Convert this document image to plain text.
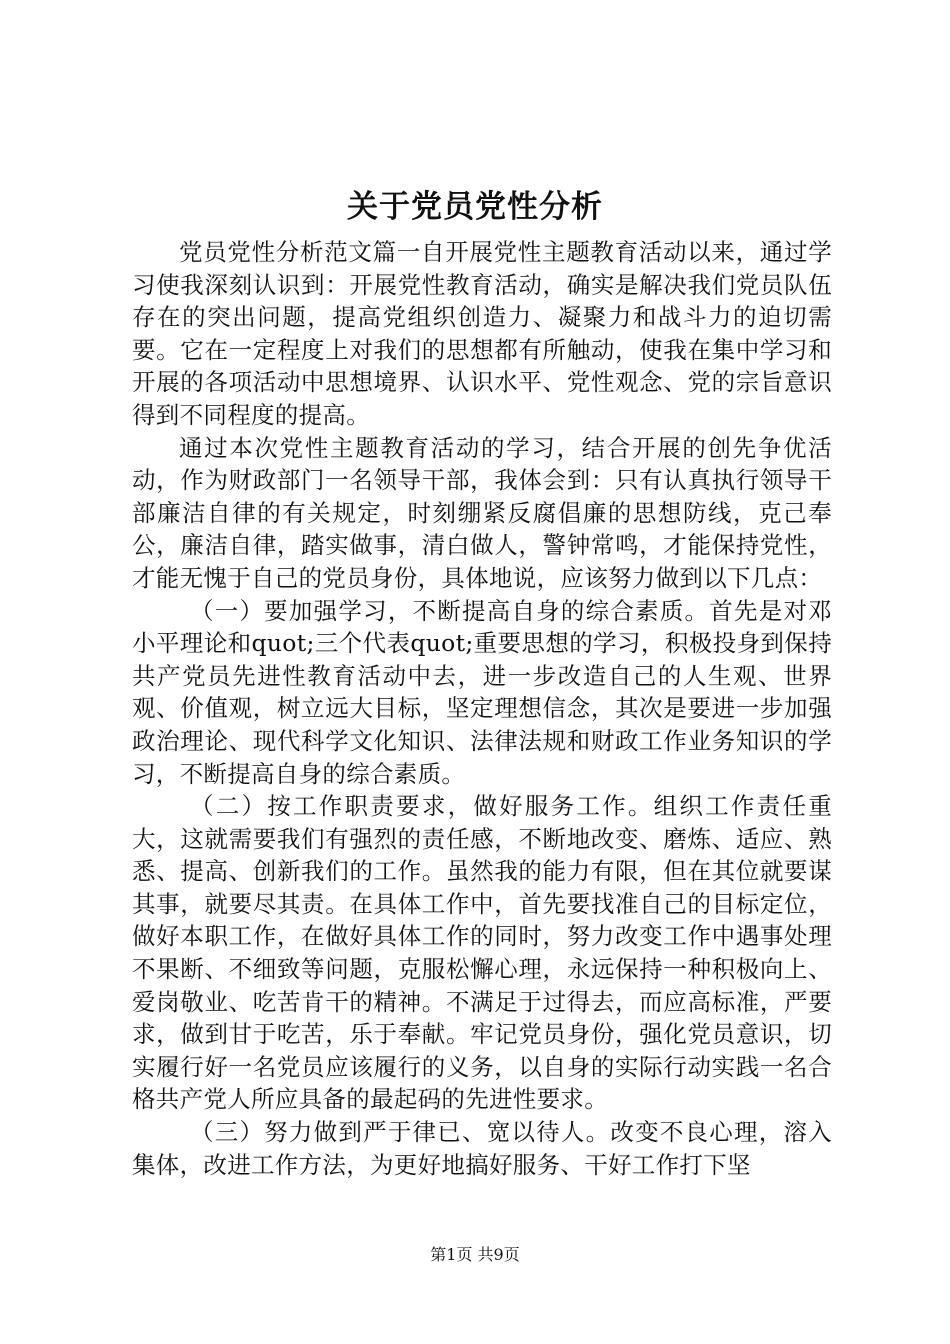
关于党员党性分析

党员党性分析范文篇一自开展党性主题教育活动以来，通过学习使我深刻认识到：开展党性教育活动，确实是解决我们党员队伍存在的突出问题，提高党组织创造力、凝聚力和战斗力的迫切需要。它在一定程度上对我们的思想都有所触动，使我在集中学习和开展的各项活动中思想境界、认识水平、党性观念、党的宗旨意识得到不同程度的提高。

通过本次党性主题教育活动的学习，结合开展的创先争优活动，作为财政部门一名领导干部，我体会到：只有认真执行领导干部廉洁自律的有关规定，时刻绷紧反腐倡廉的思想防线，克己奉公，廉洁自律，踏实做事，清白做人，警钟常鸣，才能保持党性，才能无愧于自己的党员身份，具体地说，应该努力做到以下几点：

（一）要加强学习，不断提高自身的综合素质。首先是对邓小平理论和quot;三个代表quot;重要思想的学习，积极投身到保持共产党员先进性教育活动中去，进一步改造自己的人生观、世界观、价值观，树立远大目标，坚定理想信念，其次是要进一步加强政治理论、现代科学文化知识、法律法规和财政工作业务知识的学习，不断提高自身的综合素质。

（二）按工作职责要求，做好服务工作。组织工作责任重大，这就需要我们有强烈的责任感，不断地改变、磨炼、适应、熟悉、提高、创新我们的工作。虽然我的能力有限，但在其位就要谋其事，就要尽其责。在具体工作中，首先要找准自己的目标定位，做好本职工作，在做好具体工作的同时，努力改变工作中遇事处理不果断、不细致等问题，克服松懈心理，永远保持一种积极向上、爱岗敬业、吃苦肯干的精神。不满足于过得去，而应高标准，严要求，做到甘于吃苦，乐于奉献。牢记党员身份，强化党员意识，切实履行好一名党员应该履行的义务，以自身的实际行动实践一名合格共产党人所应具备的最起码的先进性要求。

（三）努力做到严于律已、宽以待人。改变不良心理，溶入集体，改进工作方法，为更好地搞好服务、干好工作打下坚

第1页 共9页
